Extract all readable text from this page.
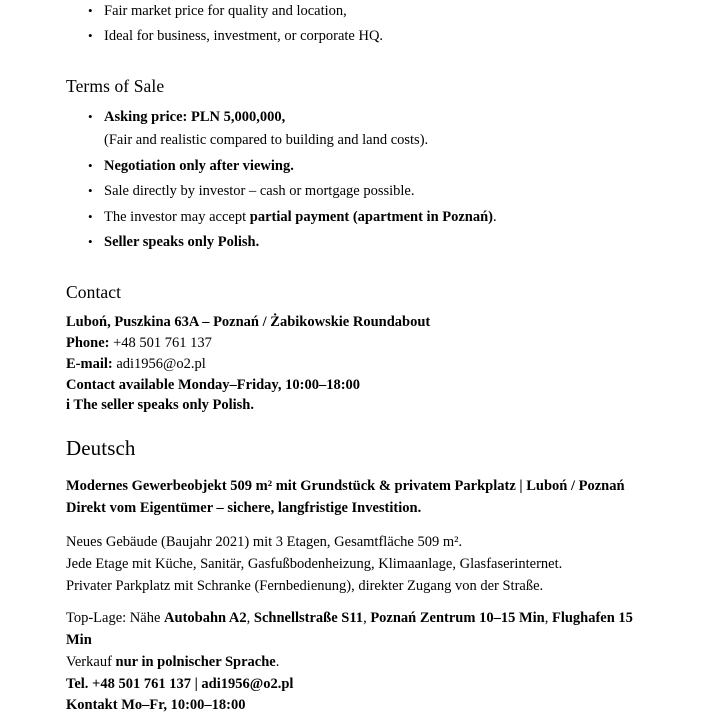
• Fair market price for quality and location,
• Ideal for business, investment, or corporate HQ.
Terms of Sale
• Asking price: PLN 5,000,000,
(Fair and realistic compared to building and land costs).
• Negotiation only after viewing.
• Sale directly by investor – cash or mortgage possible.
• The investor may accept partial payment (apartment in Poznań).
• Seller speaks only Polish.
Contact
Luboń, Puszkina 63A – Poznań / Żabikowskie Roundabout
Phone: +48 501 761 137
E-mail: adi1956@o2.pl
Contact available Monday–Friday, 10:00–18:00
i The seller speaks only Polish.
Deutsch
Modernes Gewerbeobjekt 509 m² mit Grundstück & privatem Parkplatz | Luboń / Poznań
Direkt vom Eigentümer – sichere, langfristige Investition.

Neues Gebäude (Baujahr 2021) mit 3 Etagen, Gesamtfläche 509 m².
Jede Etage mit Küche, Sanitär, Gasfußbodenheizung, Klimaanlage, Glasfaserinternet.
Privater Parkplatz mit Schranke (Fernbedienung), direkter Zugang von der Straße.

Top-Lage: Nähe Autobahn A2, Schnellstraße S11, Poznań Zentrum 10–15 Min, Flughafen 15 Min
Verkauf nur in polnischer Sprache.
Tel. +48 501 761 137 | adi1956@o2.pl
Kontakt Mo–Fr, 10:00–18:00
